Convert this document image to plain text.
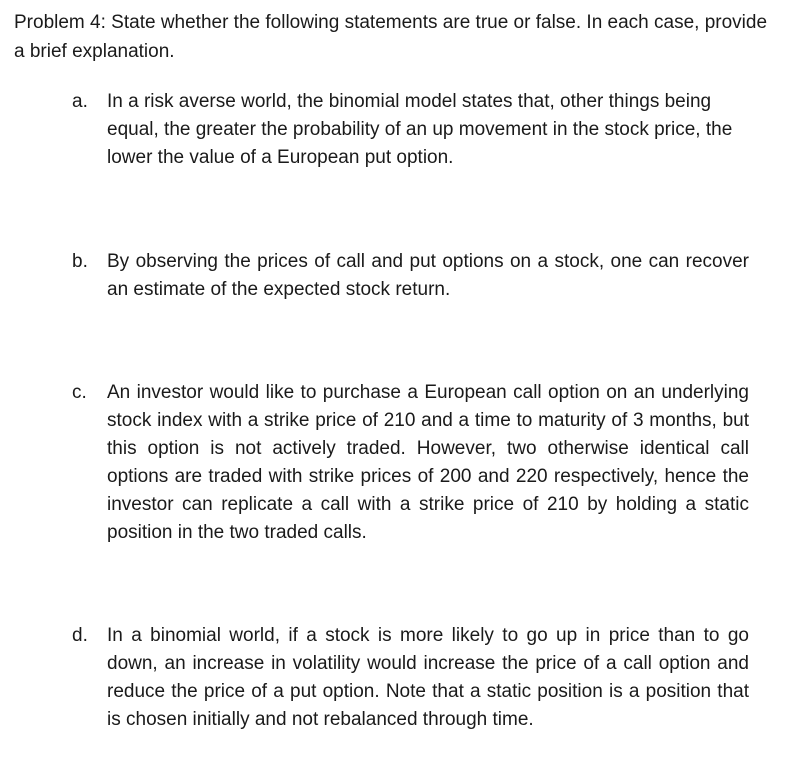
Problem 4: State whether the following statements are true or false. In each case, provide a brief explanation.
a.	In a risk averse world, the binomial model states that, other things being equal, the greater the probability of an up movement in the stock price, the lower the value of a European put option.
b.	By observing the prices of call and put options on a stock, one can recover an estimate of the expected stock return.
c.	An investor would like to purchase a European call option on an underlying stock index with a strike price of 210 and a time to maturity of 3 months, but this option is not actively traded. However, two otherwise identical call options are traded with strike prices of 200 and 220 respectively, hence the investor can replicate a call with a strike price of 210 by holding a static position in the two traded calls.
d.	In a binomial world, if a stock is more likely to go up in price than to go down, an increase in volatility would increase the price of a call option and reduce the price of a put option. Note that a static position is a position that is chosen initially and not rebalanced through time.
